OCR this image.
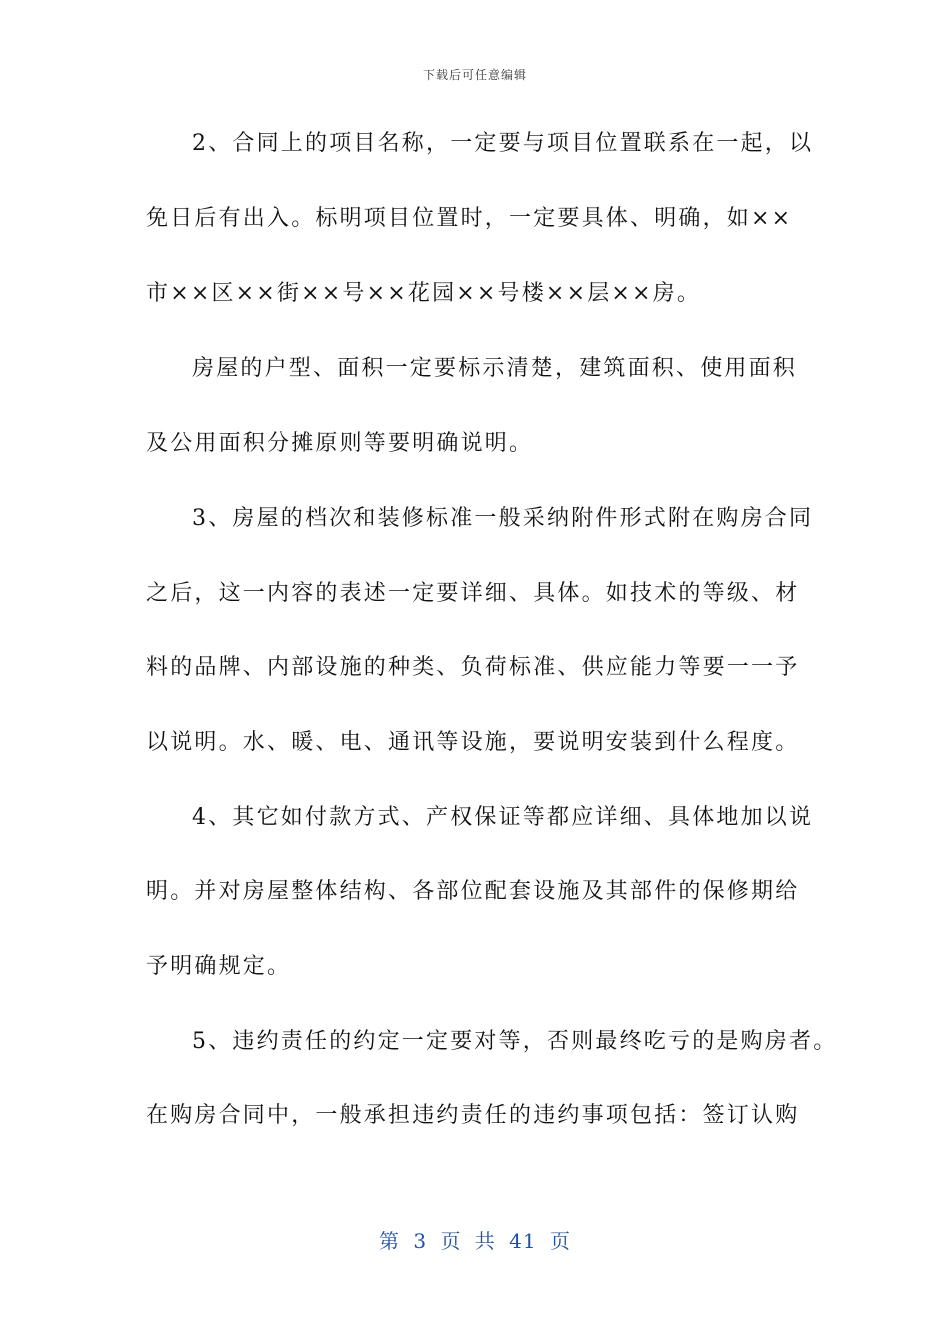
下载后可任意编辑
2、合同上的项目名称，一定要与项目位置联系在一起，以
免日后有出入。标明项目位置时，一定要具体、明确，如××
市××区××街××号××花园××号楼××层××房。
房屋的户型、面积一定要标示清楚，建筑面积、使用面积
及公用面积分摊原则等要明确说明。
3、房屋的档次和装修标准一般采纳附件形式附在购房合同
之后，这一内容的表述一定要详细、具体。如技术的等级、材
料的品牌、内部设施的种类、负荷标准、供应能力等要一一予
以说明。水、暖、电、通讯等设施，要说明安装到什么程度。
4、其它如付款方式、产权保证等都应详细、具体地加以说
明。并对房屋整体结构、各部位配套设施及其部件的保修期给
予明确规定。
5、违约责任的约定一定要对等，否则最终吃亏的是购房者。
在购房合同中，一般承担违约责任的违约事项包括：签订认购
第 3 页 共 41 页
